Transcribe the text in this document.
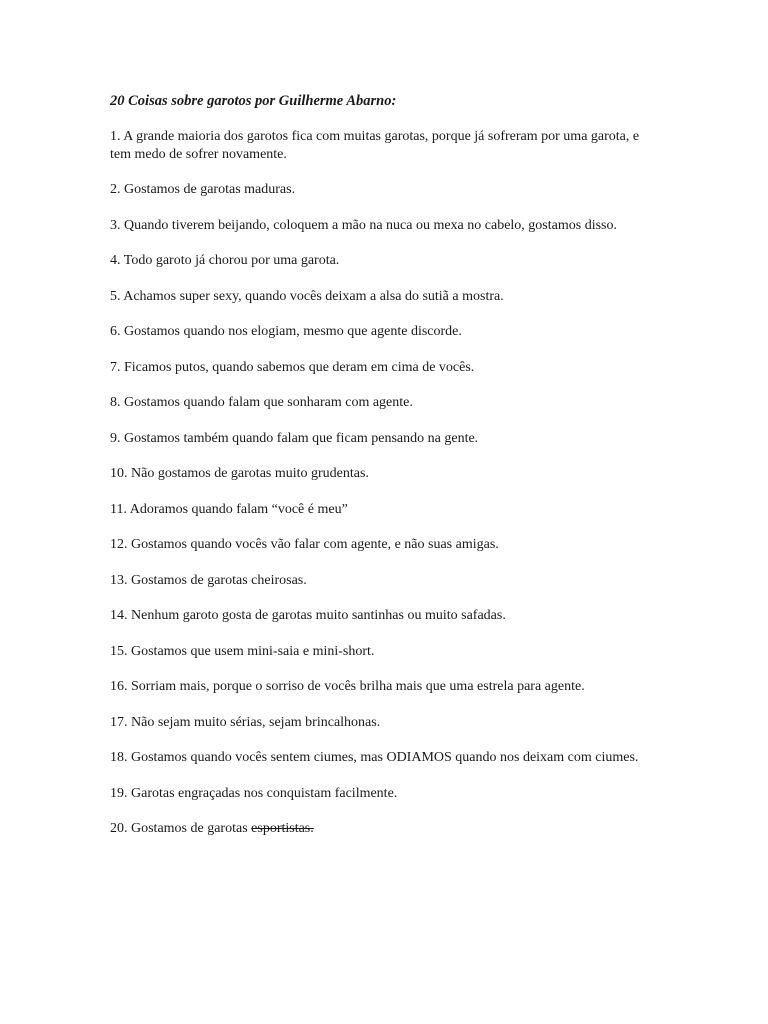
20 Coisas sobre garotos por Guilherme Abarno:

1. A grande maioria dos garotos fica com muitas garotas, porque já sofreram por uma garota, e tem medo de sofrer novamente.

2. Gostamos de garotas maduras.

3. Quando tiverem beijando, coloquem a mão na nuca ou mexa no cabelo, gostamos disso.

4. Todo garoto já chorou por uma garota.

5. Achamos super sexy, quando vocês deixam a alsa do sutiã a mostra.

6. Gostamos quando nos elogiam, mesmo que agente discorde.

7. Ficamos putos, quando sabemos que deram em cima de vocês.

8. Gostamos quando falam que sonharam com agente.

9. Gostamos também quando falam que ficam pensando na gente.

10. Não gostamos de garotas muito grudentas.

11. Adoramos quando falam “você é meu”

12. Gostamos quando vocês vão falar com agente, e não suas amigas.

13. Gostamos de garotas cheirosas.

14. Nenhum garoto gosta de garotas muito santinhas ou muito safadas.

15. Gostamos que usem mini-saia e mini-short.

16. Sorriam mais, porque o sorriso de vocês brilha mais que uma estrela para agente.

17. Não sejam muito sérias, sejam brincalhonas.

18. Gostamos quando vocês sentem ciumes, mas ODIAMOS quando nos deixam com ciumes.

19. Garotas engraçadas nos conquistam facilmente.

20. Gostamos de garotas esportistas.
